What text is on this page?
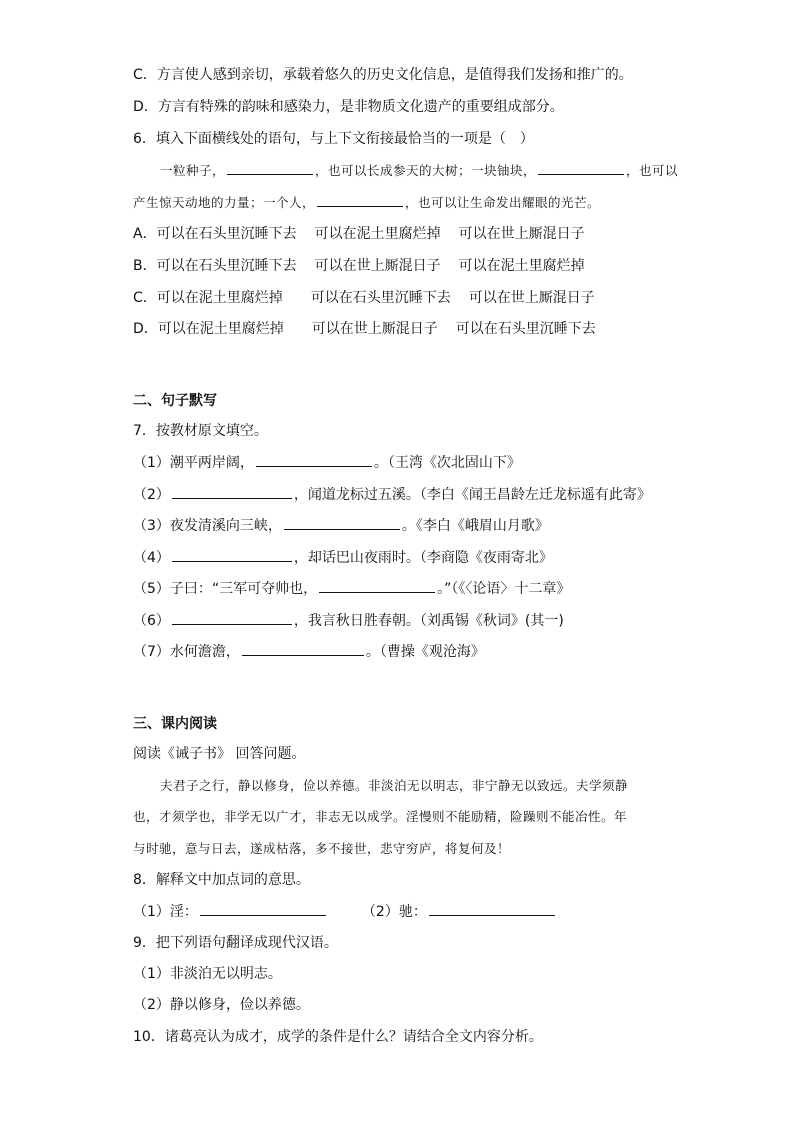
C．方言使人感到亲切，承载着悠久的历史文化信息，是值得我们发扬和推广的。
D．方言有特殊的韵味和感染力，是非物质文化遗产的重要组成部分。
6．填入下面横线处的语句，与上下文衔接最恰当的一项是（　）
一粒种子，	，也可以长成参天的大树；一块铀块，	，也可以
产生惊天动地的力量；一个人，	，也可以让生命发出耀眼的光芒。
A．可以在石头里沉睡下去 可以在泥土里腐烂掉 可以在世上厮混日子
B．可以在石头里沉睡下去 可以在世上厮混日子 可以在泥土里腐烂掉
C．可以在泥土里腐烂掉 可以在石头里沉睡下去 可以在世上厮混日子
D．可以在泥土里腐烂掉 可以在世上厮混日子 可以在石头里沉睡下去
二、句子默写
7．按教材原文填空。
（1）潮平两岸阔，	。（王湾《次北固山下》
（2）	，闻道龙标过五溪。（李白《闻王昌龄左迁龙标遥有此寄》
（3）夜发清溪向三峡，	。《李白《峨眉山月歌》
（4）	，却话巴山夜雨时。（李商隐《夜雨寄北》
（5）子曰：“三军可夺帅也，	。”（《〈论语〉十二章》
（6）	，我言秋日胜春朝。（刘禹锡《秋词》(其一)
（7）水何澹澹，	。（曹操《观沧海》
三、课内阅读
阅读《诫子书》 回答问题。
夫君子之行，静以修身，俭以养德。非淡泊无以明志，非宁静无以致远。夫学须静
也，才须学也，非学无以广才，非志无以成学。淫慢则不能励精，险躁则不能冶性。年
与时驰，意与日去，遂成枯落，多不接世，悲守穷庐，将复何及！
8．解释文中加点词的意思。
（1）淫：	（2）驰：
9．把下列语句翻译成现代汉语。
（1）非淡泊无以明志。
（2）静以修身，俭以养德。
10．诸葛亮认为成才，成学的条件是什么？请结合全文内容分析。
